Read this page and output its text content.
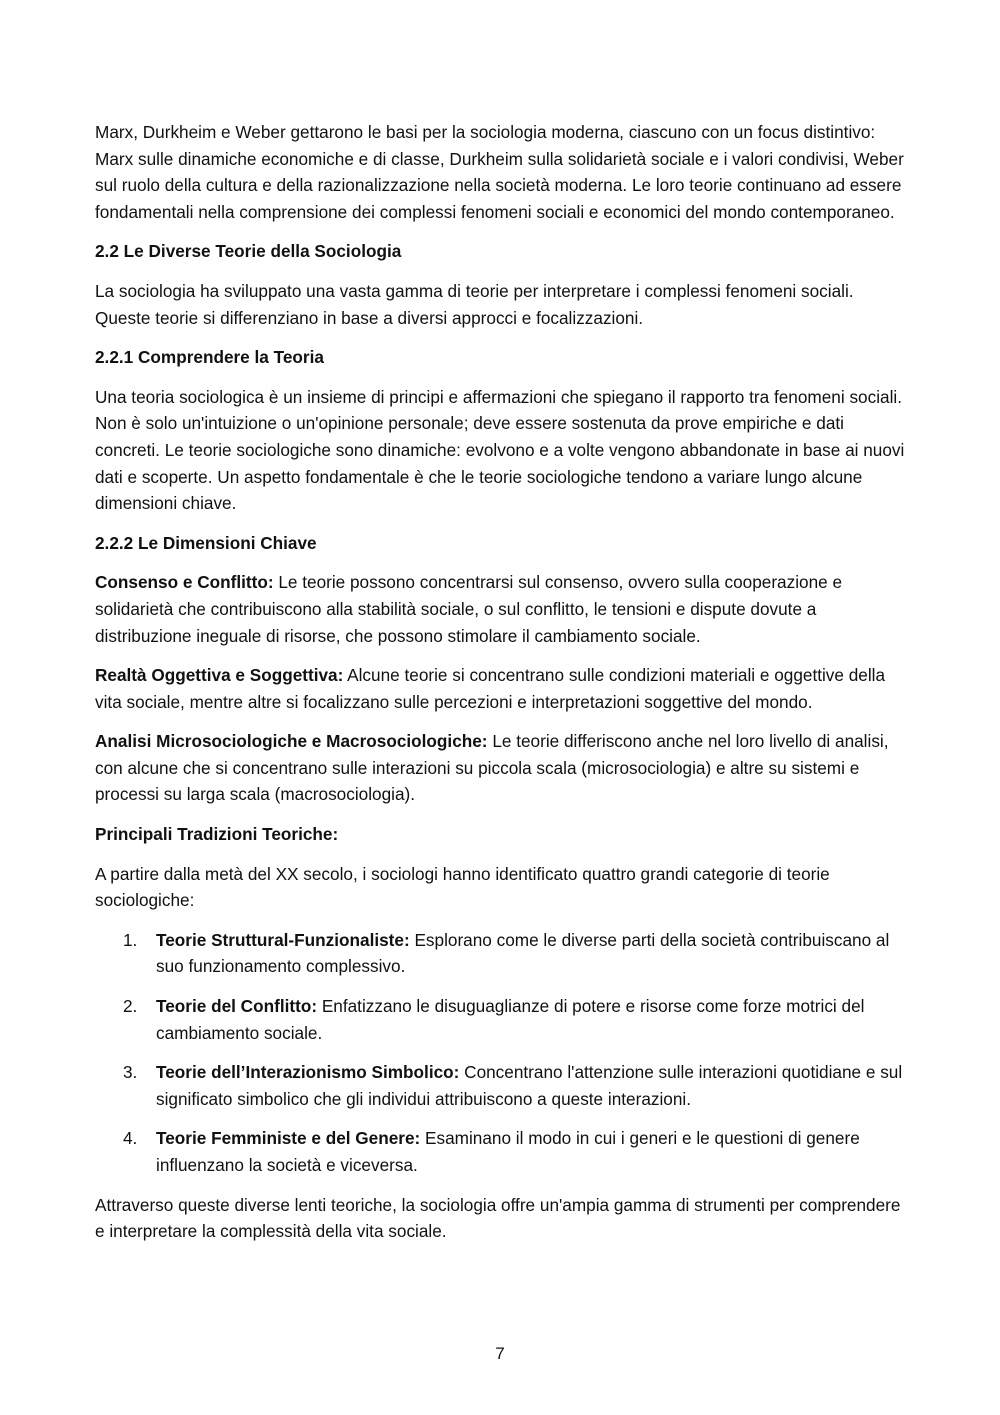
Marx, Durkheim e Weber gettarono le basi per la sociologia moderna, ciascuno con un focus distintivo: Marx sulle dinamiche economiche e di classe, Durkheim sulla solidarietà sociale e i valori condivisi, Weber sul ruolo della cultura e della razionalizzazione nella società moderna. Le loro teorie continuano ad essere fondamentali nella comprensione dei complessi fenomeni sociali e economici del mondo contemporaneo.

2.2 Le Diverse Teorie della Sociologia

La sociologia ha sviluppato una vasta gamma di teorie per interpretare i complessi fenomeni sociali. Queste teorie si differenziano in base a diversi approcci e focalizzazioni.

2.2.1 Comprendere la Teoria

Una teoria sociologica è un insieme di principi e affermazioni che spiegano il rapporto tra fenomeni sociali. Non è solo un'intuizione o un'opinione personale; deve essere sostenuta da prove empiriche e dati concreti. Le teorie sociologiche sono dinamiche: evolvono e a volte vengono abbandonate in base ai nuovi dati e scoperte. Un aspetto fondamentale è che le teorie sociologiche tendono a variare lungo alcune dimensioni chiave.

2.2.2 Le Dimensioni Chiave

Consenso e Conflitto: Le teorie possono concentrarsi sul consenso, ovvero sulla cooperazione e solidarietà che contribuiscono alla stabilità sociale, o sul conflitto, le tensioni e dispute dovute a distribuzione ineguale di risorse, che possono stimolare il cambiamento sociale.

Realtà Oggettiva e Soggettiva: Alcune teorie si concentrano sulle condizioni materiali e oggettive della vita sociale, mentre altre si focalizzano sulle percezioni e interpretazioni soggettive del mondo.

Analisi Microsociologiche e Macrosociologiche: Le teorie differiscono anche nel loro livello di analisi, con alcune che si concentrano sulle interazioni su piccola scala (microsociologia) e altre su sistemi e processi su larga scala (macrosociologia).

Principali Tradizioni Teoriche:

A partire dalla metà del XX secolo, i sociologi hanno identificato quattro grandi categorie di teorie sociologiche:

1. Teorie Struttural-Funzionaliste: Esplorano come le diverse parti della società contribuiscano al suo funzionamento complessivo.
2. Teorie del Conflitto: Enfatizzano le disuguaglianze di potere e risorse come forze motrici del cambiamento sociale.
3. Teorie dell’Interazionismo Simbolico: Concentrano l'attenzione sulle interazioni quotidiane e sul significato simbolico che gli individui attribuiscono a queste interazioni.
4. Teorie Femministe e del Genere: Esaminano il modo in cui i generi e le questioni di genere influenzano la società e viceversa.

Attraverso queste diverse lenti teoriche, la sociologia offre un'ampia gamma di strumenti per comprendere e interpretare la complessità della vita sociale.

7
